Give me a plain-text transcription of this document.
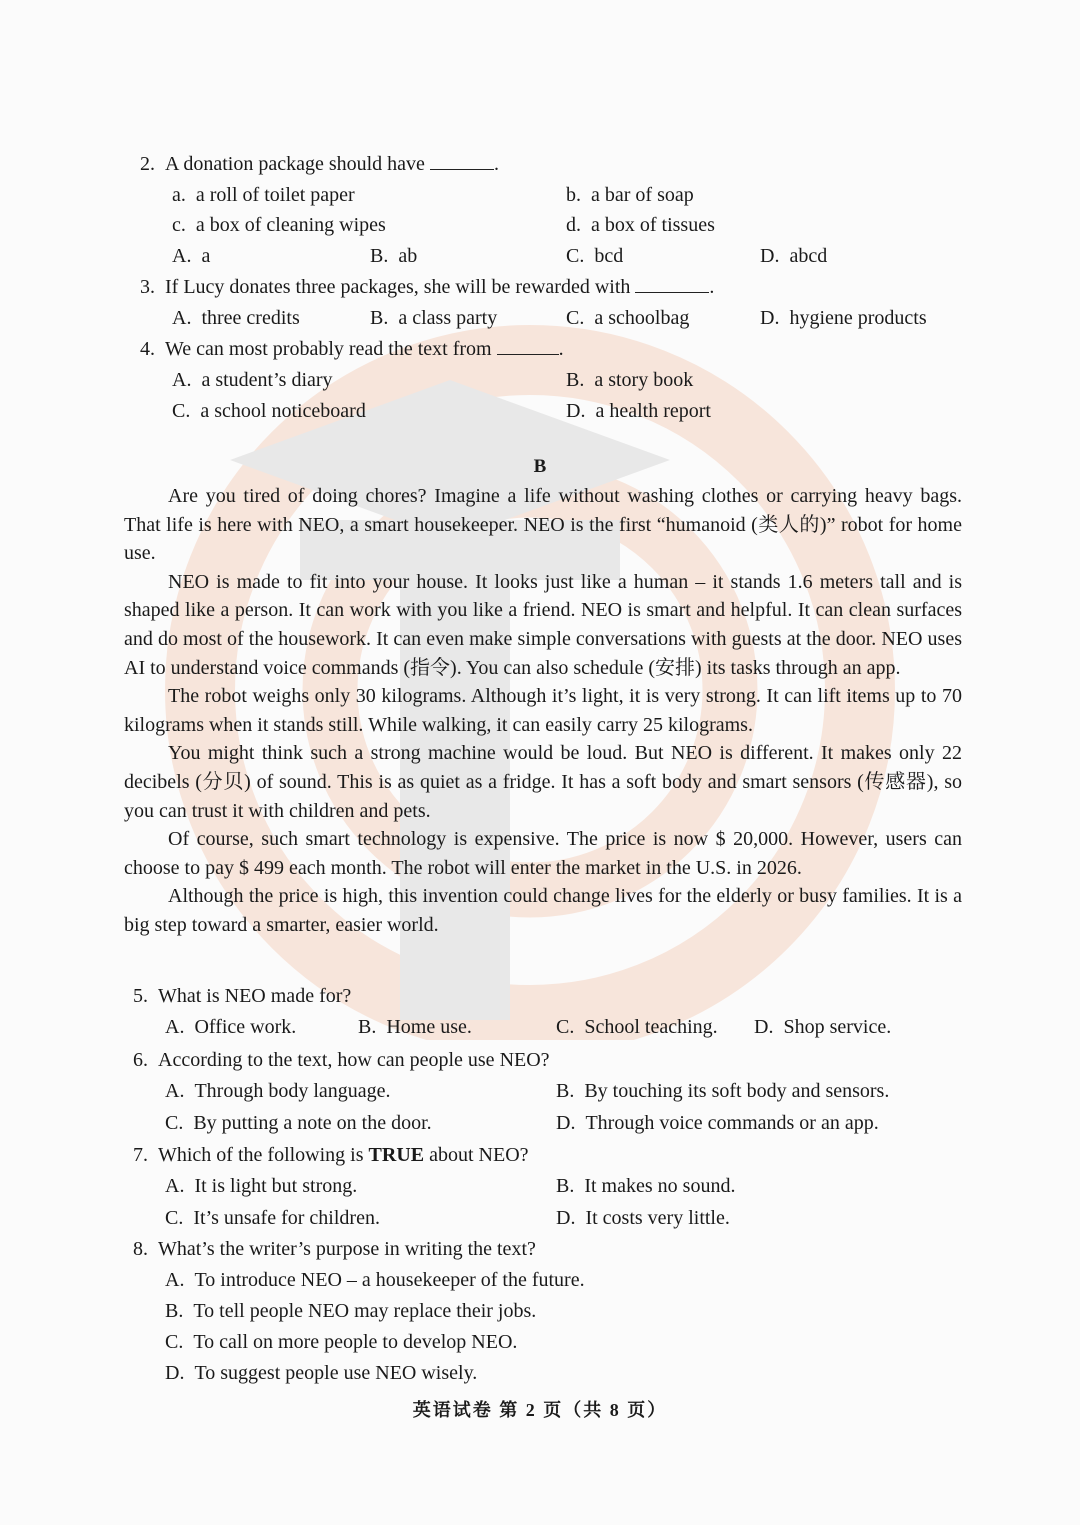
2. A donation package should have	.
a. a roll of toilet paper	b. a bar of soap
c. a box of cleaning wipes	d. a box of tissues
A. a	B. ab	C. bcd	D. abcd
3. If Lucy donates three packages, she will be rewarded with	.
A. three credits	B. a class party	C. a schoolbag	D. hygiene products
4. We can most probably read the text from	.
A. a student’s diary	B. a story book
C. a school noticeboard	D. a health report
B

Are you tired of doing chores? Imagine a life without washing clothes or carrying heavy bags. That life is here with NEO, a smart housekeeper. NEO is the first “humanoid (类人的)” robot for home use.

NEO is made to fit into your house. It looks just like a human – it stands 1.6 meters tall and is shaped like a person. It can work with you like a friend. NEO is smart and helpful. It can clean surfaces and do most of the housework. It can even make simple conversations with guests at the door. NEO uses AI to understand voice commands (指令). You can also schedule (安排) its tasks through an app.

The robot weighs only 30 kilograms. Although it’s light, it is very strong. It can lift items up to 70 kilograms when it stands still. While walking, it can easily carry 25 kilograms.

You might think such a strong machine would be loud. But NEO is different. It makes only 22 decibels (分贝) of sound. This is as quiet as a fridge. It has a soft body and smart sensors (传感器), so you can trust it with children and pets.

Of course, such smart technology is expensive. The price is now $ 20,000. However, users can choose to pay $ 499 each month. The robot will enter the market in the U.S. in 2026.

Although the price is high, this invention could change lives for the elderly or busy families. It is a big step toward a smarter, easier world.

5. What is NEO made for?
A. Office work.	B. Home use.	C. School teaching. D. Shop service.
6. According to the text, how can people use NEO?
A. Through body language.	B. By touching its soft body and sensors.
C. By putting a note on the door.	D. Through voice commands or an app.
7. Which of the following is TRUE about NEO?
A. It is light but strong.	B. It makes no sound.
C. It’s unsafe for children.	D. It costs very little.
8. What’s the writer’s purpose in writing the text?
A. To introduce NEO – a housekeeper of the future.
B. To tell people NEO may replace their jobs.
C. To call on more people to develop NEO.
D. To suggest people use NEO wisely.
英语试卷 第 2 页（共 8 页）
